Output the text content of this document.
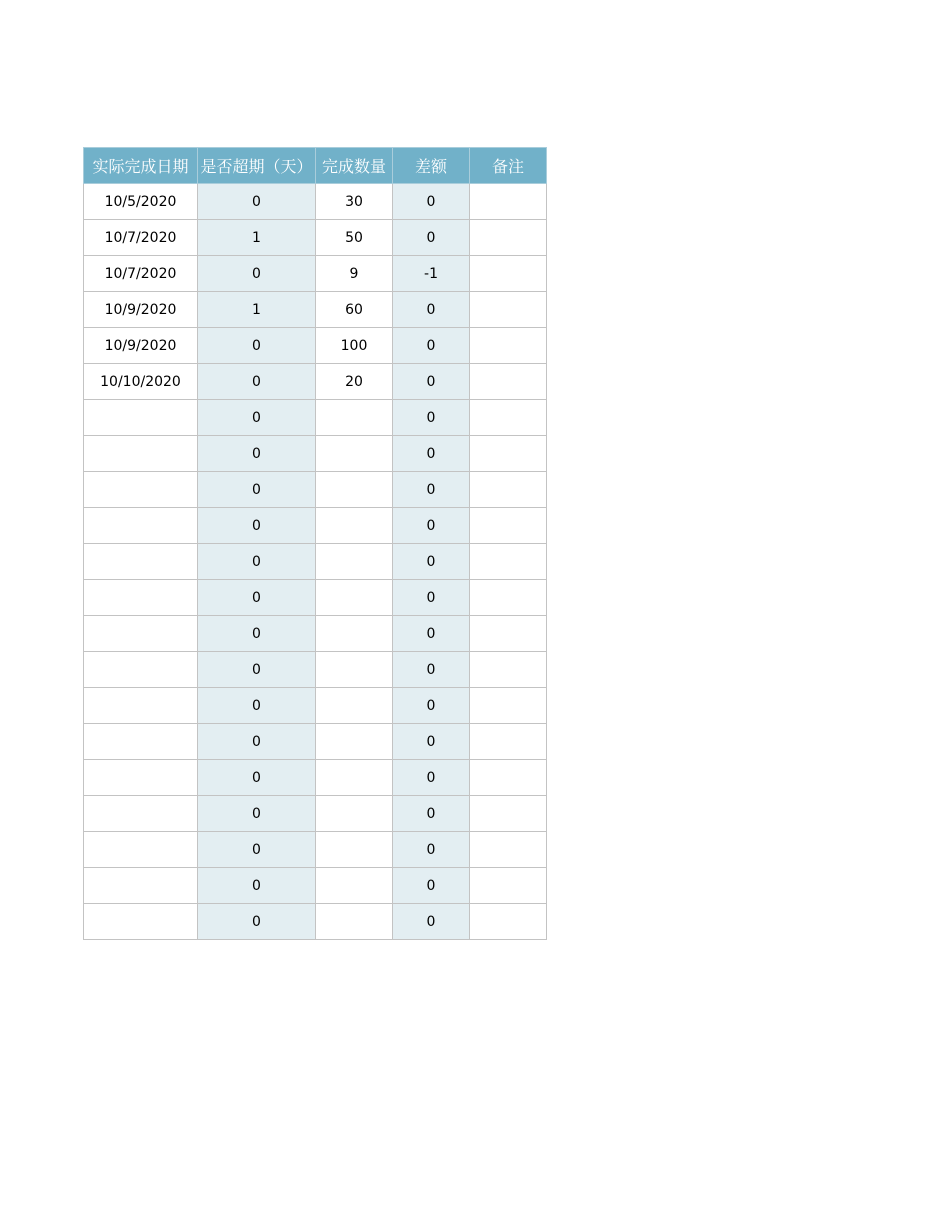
实际完成日期	是否超期（天）	完成数量	差额	备注
10/5/2020	0	30	0	
10/7/2020	1	50	0	
10/7/2020	0	9	-1	
10/9/2020	1	60	0	
10/9/2020	0	100	0	
10/10/2020	0	20	0	
	0		0	
	0		0	
	0		0	
	0		0	
	0		0	
	0		0	
	0		0	
	0		0	
	0		0	
	0		0	
	0		0	
	0		0	
	0		0	
	0		0	
	0		0	
